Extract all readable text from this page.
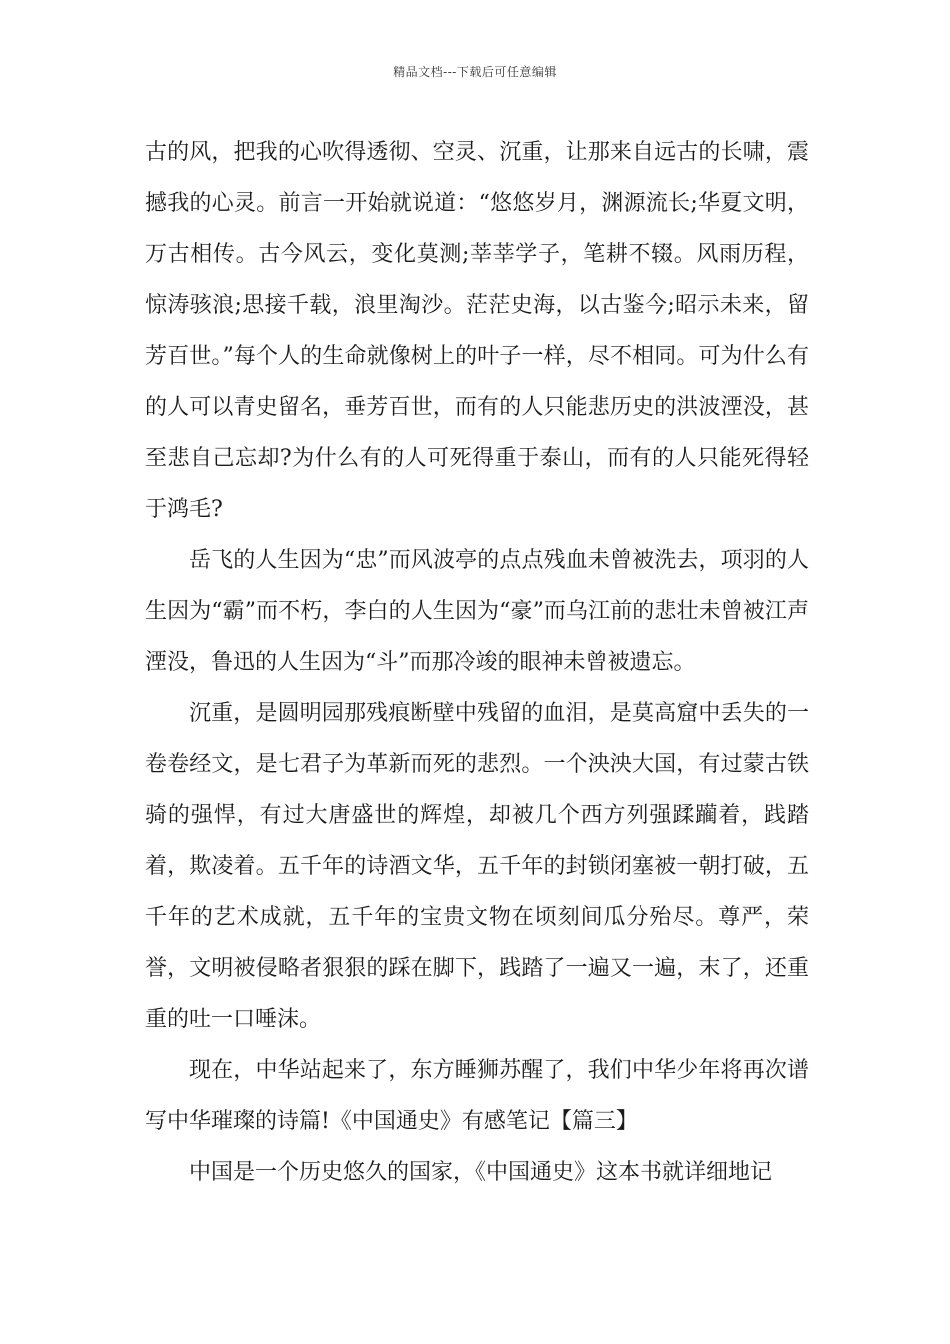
精品文档---下载后可任意编辑

古的风，把我的心吹得透彻、空灵、沉重，让那来自远古的长啸，震撼我的心灵。前言一开始就说道：“悠悠岁月，渊源流长;华夏文明，万古相传。古今风云，变化莫测;莘莘学子，笔耕不辍。风雨历程，惊涛骇浪;思接千载，浪里淘沙。茫茫史海，以古鉴今;昭示未来，留芳百世。”每个人的生命就像树上的叶子一样，尽不相同。可为什么有的人可以青史留名，垂芳百世，而有的人只能悲历史的洪波湮没，甚至悲自己忘却?为什么有的人可死得重于泰山，而有的人只能死得轻于鸿毛?

岳飞的人生因为“忠”而风波亭的点点残血未曾被洗去，项羽的人生因为“霸”而不朽，李白的人生因为“豪”而乌江前的悲壮未曾被江声湮没，鲁迅的人生因为“斗”而那冷竣的眼神未曾被遗忘。

沉重，是圆明园那残痕断壁中残留的血泪，是莫高窟中丢失的一卷卷经文，是七君子为革新而死的悲烈。一个泱泱大国，有过蒙古铁骑的强悍，有过大唐盛世的辉煌，却被几个西方列强蹂躏着，践踏着，欺凌着。五千年的诗酒文华，五千年的封锁闭塞被一朝打破，五千年的艺术成就，五千年的宝贵文物在顷刻间瓜分殆尽。尊严，荣誉，文明被侵略者狠狠的踩在脚下，践踏了一遍又一遍，末了，还重重的吐一口唾沫。

现在，中华站起来了，东方睡狮苏醒了，我们中华少年将再次谱写中华璀璨的诗篇!《中国通史》有感笔记【篇三】

中国是一个历史悠久的国家，《中国通史》这本书就详细地记
